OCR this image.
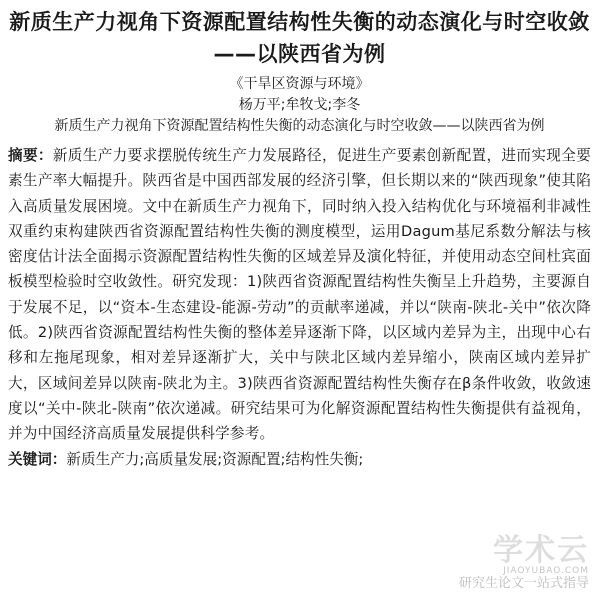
新质生产力视角下资源配置结构性失衡的动态演化与时空收敛——以陕西省为例

《干旱区资源与环境》

杨万平;牟牧戈;李冬

新质生产力视角下资源配置结构性失衡的动态演化与时空收敛——以陕西省为例

摘要：新质生产力要求摆脱传统生产力发展路径，促进生产要素创新配置，进而实现全要素生产率大幅提升。陕西省是中国西部发展的经济引擎，但长期以来的“陕西现象”使其陷入高质量发展困境。文中在新质生产力视角下，同时纳入投入结构优化与环境福利非减性双重约束构建陕西省资源配置结构性失衡的测度模型，运用Dagum基尼系数分解法与核密度估计法全面揭示资源配置结构性失衡的区域差异及演化特征，并使用动态空间杜宾面板模型检验时空收敛性。研究发现：1)陕西省资源配置结构性失衡呈上升趋势，主要源自于发展不足，以“资本-生态建设-能源-劳动”的贡献率递减，并以“陕南-陕北-关中”依次降低。2)陕西省资源配置结构性失衡的整体差异逐渐下降，以区域内差异为主，出现中心右移和左拖尾现象，相对差异逐渐扩大，关中与陕北区域内差异缩小，陕南区域内差异扩大，区域间差异以陕南-陕北为主。3)陕西省资源配置结构性失衡存在β条件收敛，收敛速度以“关中-陕北-陕南”依次递减。研究结果可为化解资源配置结构性失衡提供有益视角，并为中国经济高质量发展提供科学参考。
关键词：新质生产力;高质量发展;资源配置;结构性失衡;
学术云
JIAOYUBAO.COM
研究生论文一站式指导
